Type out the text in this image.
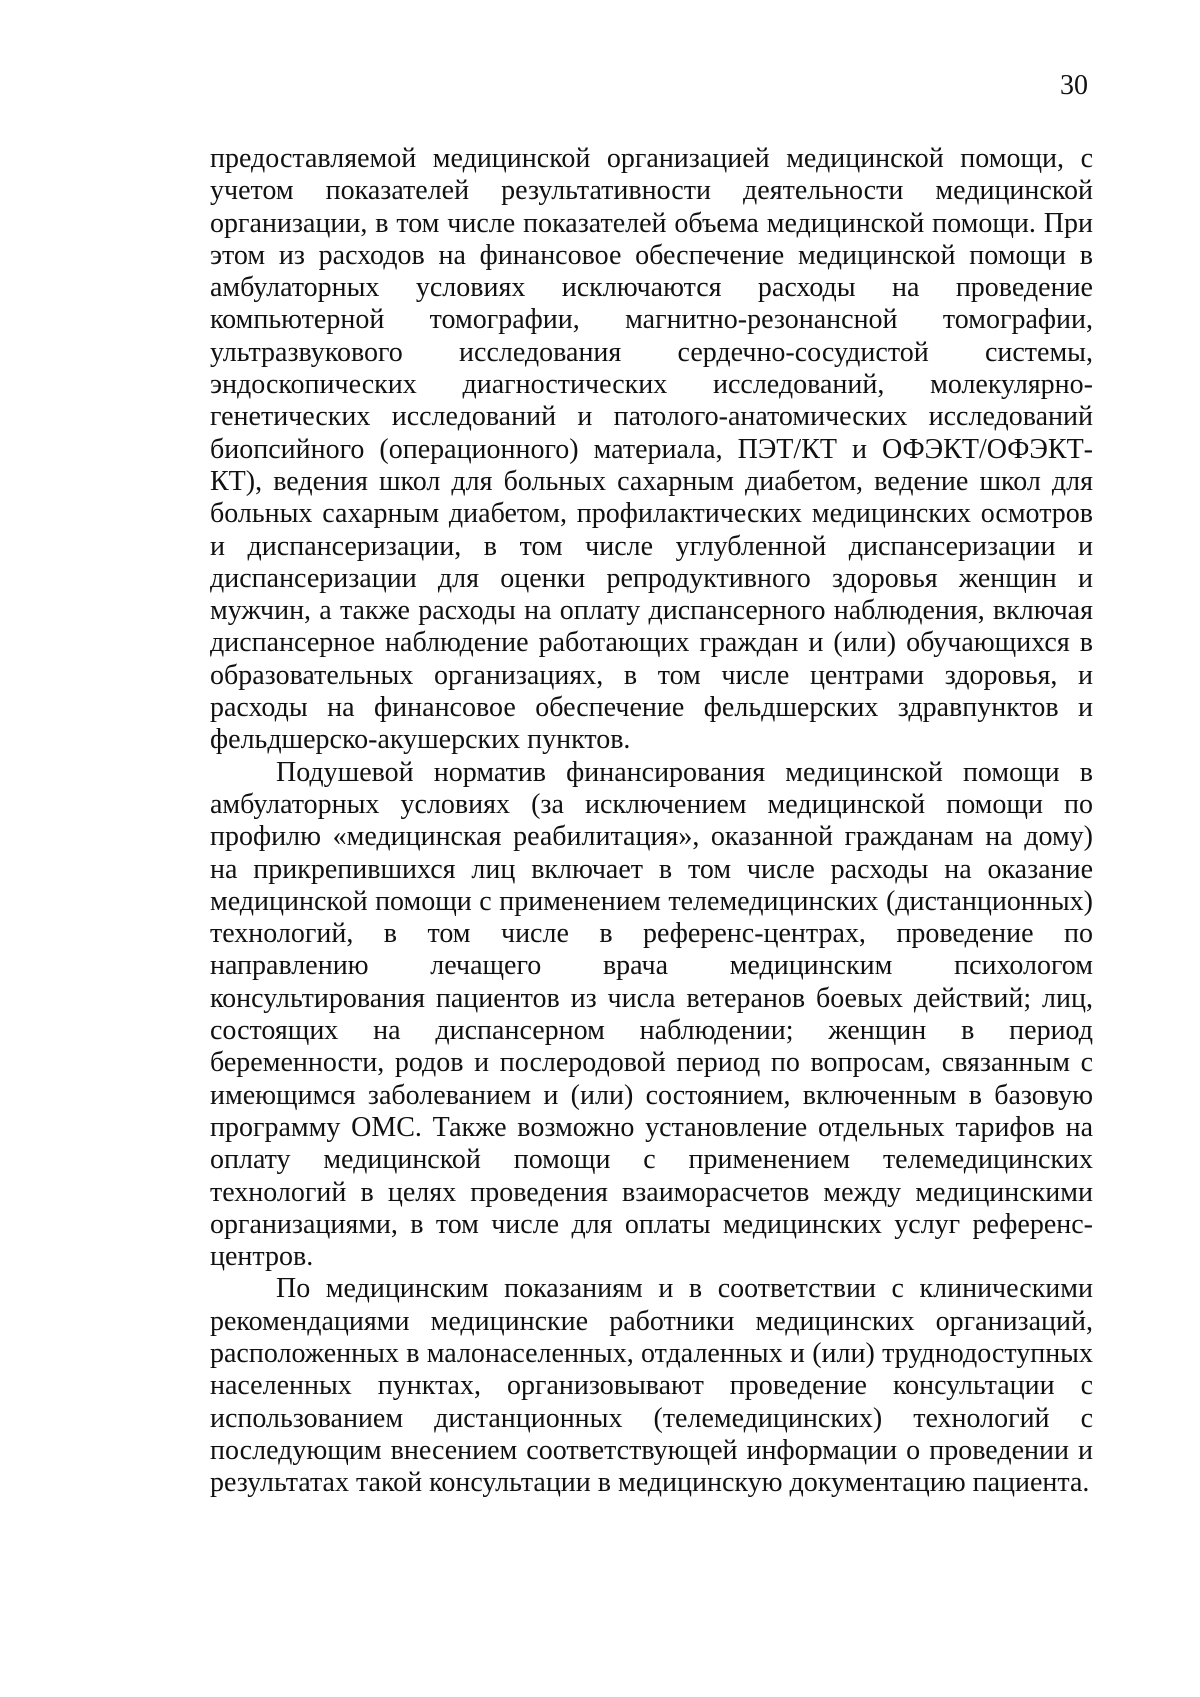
30

предоставляемой медицинской организацией медицинской помощи, с учетом показателей результативности деятельности медицинской организации, в том числе показателей объема медицинской помощи. При этом из расходов на финансовое обеспечение медицинской помощи в амбулаторных условиях исключаются расходы на проведение компьютерной томографии, магнитно-резонансной томографии, ультразвукового исследования сердечно-сосудистой системы, эндоскопических диагностических исследований, молекулярно-генетических исследований и патолого-анатомических исследований биопсийного (операционного) материала, ПЭТ/КТ и ОФЭКТ/ОФЭКТ-КТ), ведения школ для больных сахарным диабетом, ведение школ для больных сахарным диабетом, профилактических медицинских осмотров и диспансеризации, в том числе углубленной диспансеризации и диспансеризации для оценки репродуктивного здоровья женщин и мужчин, а также расходы на оплату диспансерного наблюдения, включая диспансерное наблюдение работающих граждан и (или) обучающихся в образовательных организациях, в том числе центрами здоровья, и расходы на финансовое обеспечение фельдшерских здравпунктов и фельдшерско-акушерских пунктов.

Подушевой норматив финансирования медицинской помощи в амбулаторных условиях (за исключением медицинской помощи по профилю «медицинская реабилитация», оказанной гражданам на дому) на прикрепившихся лиц включает в том числе расходы на оказание медицинской помощи с применением телемедицинских (дистанционных) технологий, в том числе в референс-центрах, проведение по направлению лечащего врача медицинским психологом консультирования пациентов из числа ветеранов боевых действий; лиц, состоящих на диспансерном наблюдении; женщин в период беременности, родов и послеродовой период по вопросам, связанным с имеющимся заболеванием и (или) состоянием, включенным в базовую программу ОМС. Также возможно установление отдельных тарифов на оплату медицинской помощи с применением телемедицинских технологий в целях проведения взаиморасчетов между медицинскими организациями, в том числе для оплаты медицинских услуг референс-центров.

По медицинским показаниям и в соответствии с клиническими рекомендациями медицинские работники медицинских организаций, расположенных в малонаселенных, отдаленных и (или) труднодоступных населенных пунктах, организовывают проведение консультации с использованием дистанционных (телемедицинских) технологий с последующим внесением соответствующей информации о проведении и результатах такой консультации в медицинскую документацию пациента.
